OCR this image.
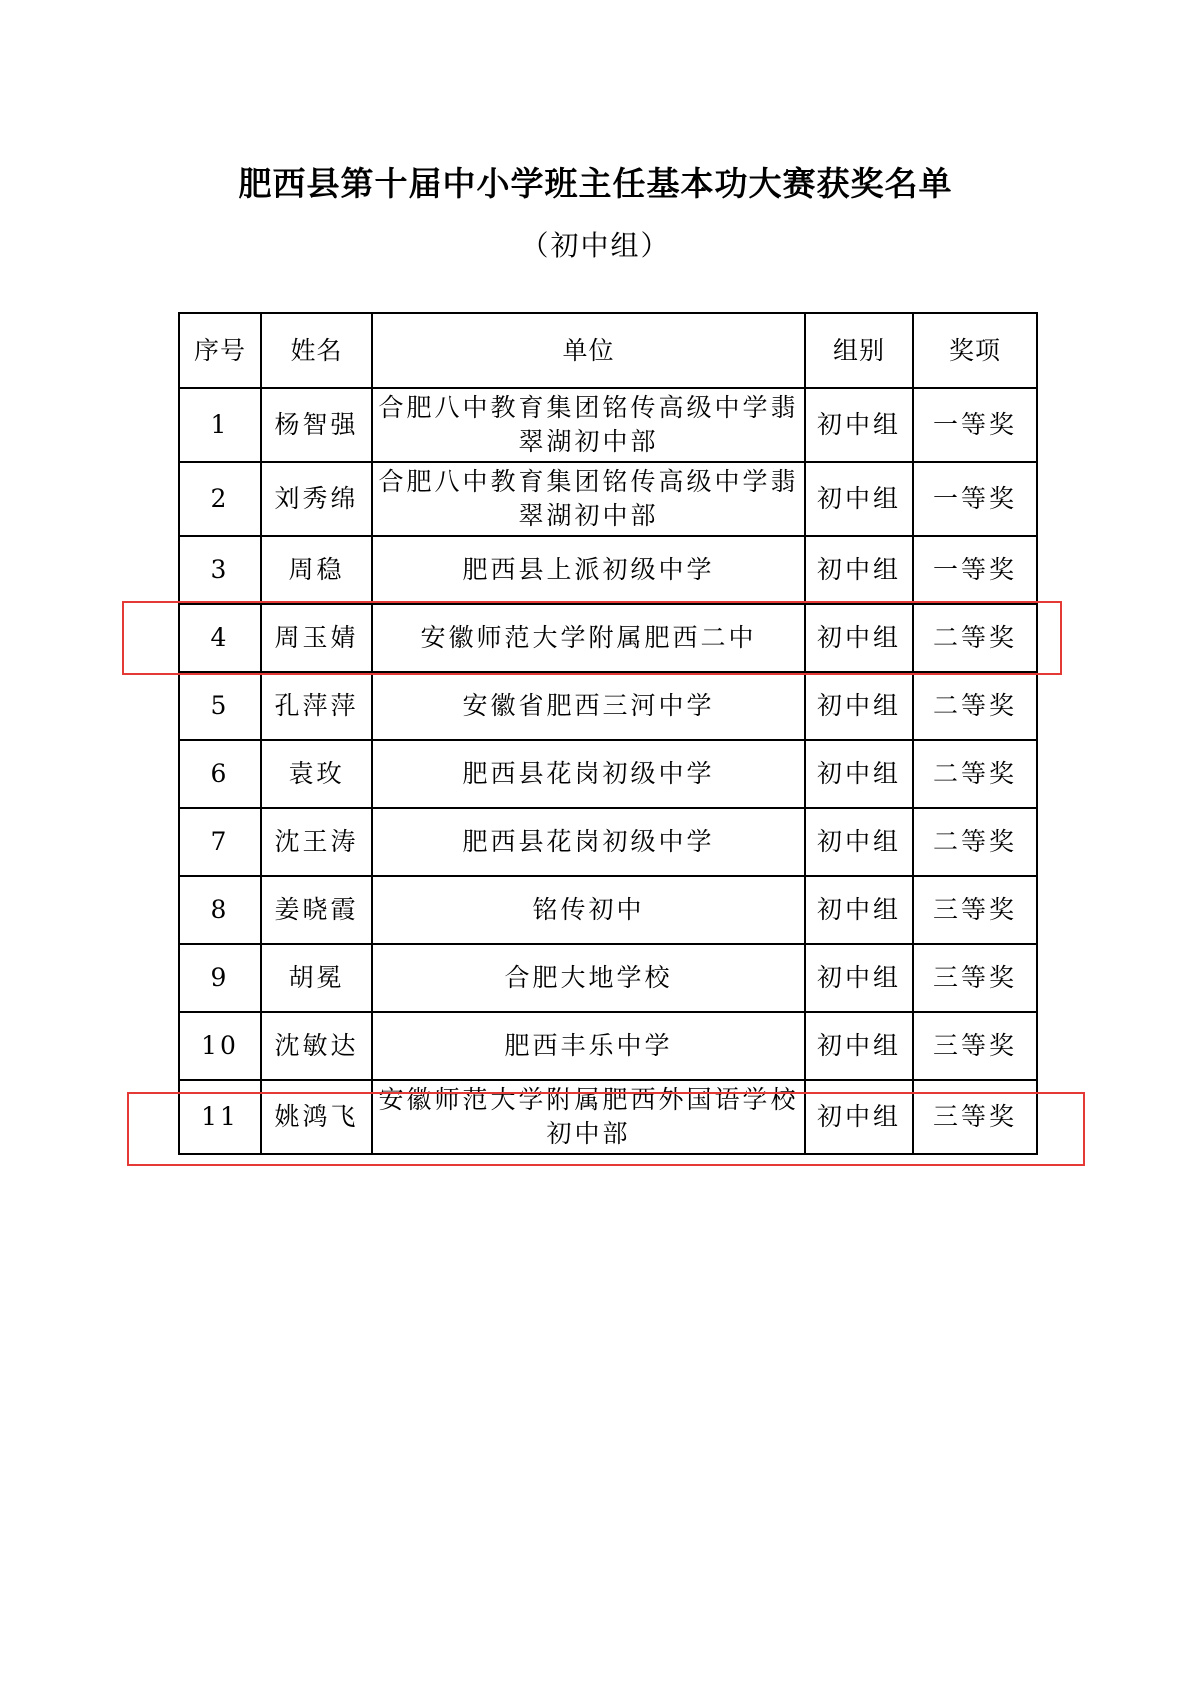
肥西县第十届中小学班主任基本功大赛获奖名单
（初中组）
序号	姓名	单位	组别	奖项
1	杨智强	合肥八中教育集团铭传高级中学翡翠湖初中部	初中组	一等奖
2	刘秀绵	合肥八中教育集团铭传高级中学翡翠湖初中部	初中组	一等奖
3	周稳	肥西县上派初级中学	初中组	一等奖
4	周玉婧	安徽师范大学附属肥西二中	初中组	二等奖
5	孔萍萍	安徽省肥西三河中学	初中组	二等奖
6	袁玫	肥西县花岗初级中学	初中组	二等奖
7	沈王涛	肥西县花岗初级中学	初中组	二等奖
8	姜晓霞	铭传初中	初中组	三等奖
9	胡冕	合肥大地学校	初中组	三等奖
10	沈敏达	肥西丰乐中学	初中组	三等奖
11	姚鸿飞	安徽师范大学附属肥西外国语学校初中部	初中组	三等奖
